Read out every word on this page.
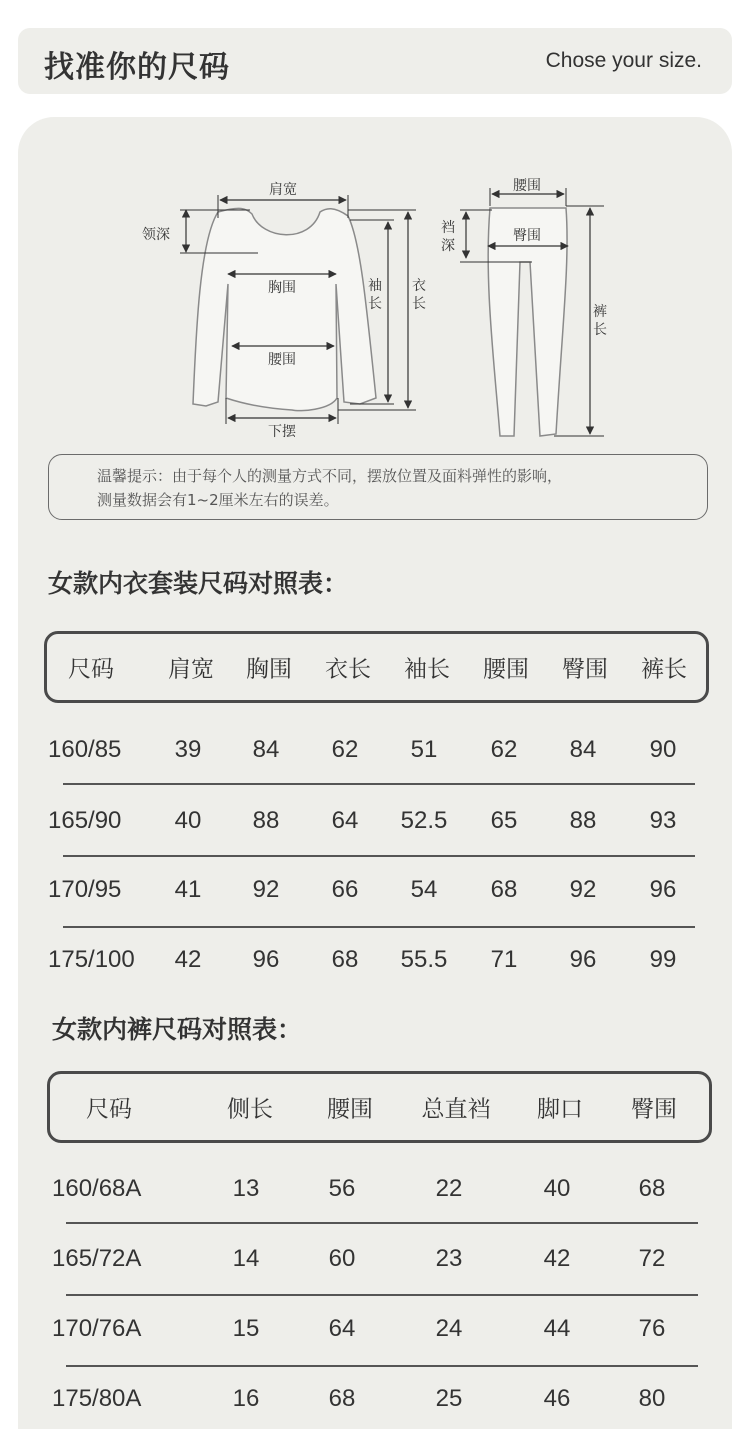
找准你的尺码	Chose your size.
肩宽
领深
胸围
腰围
下摆
袖
长
衣
长
腰围
臀围
裆
深
裤
长
温馨提示：由于每个人的测量方式不同，摆放位置及面料弹性的影响，
测量数据会有1~2厘米左右的误差。
女款内衣套装尺码对照表：
尺码 肩宽 胸围 衣长 袖长 腰围 臀围 裤长
160/85 39 84 62 51 62 84 90
165/90 40 88 64 52.5 65 88 93
170/95 41 92 66 54 68 92 96
175/100 42 96 68 55.5 71 96 99
女款内裤尺码对照表：
尺码	侧长 腰围 总直裆 脚口 臀围
160/68A	13	56	22	40	68
165/72A	14	60	23	42	72
170/76A	15	64	24	44	76
175/80A	16	68	25	46	80
